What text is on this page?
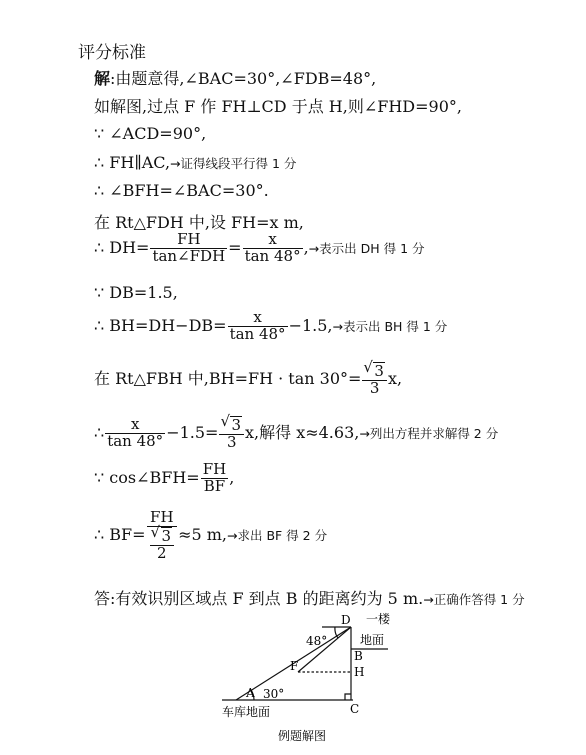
评分标准
解:由题意得,∠BAC=30°,∠FDB=48°,
如解图,过点 F 作 FH⊥CD 于点 H,则∠FHD=90°,
∵ ∠ACD=90°,
∴ FH∥AC,→证得线段平行得 1 分
∴ ∠BFH=∠BAC=30°.
在 Rt△FDH 中,设 FH=x m,
∴ $DH= \frac{FH}{\text{tan∠FDH}} = \frac{x}{\tan 48^\circ}$ ,→表示出 DH 得 1 分
∵ DB=1.5,
∴ $BH=DH-DB= \frac{x}{\tan 48^\circ} -1.5,\to$表示出 BH 得 1 分
在 Rt△FBH 中,BH=FH · tan 30°= √ $\frac{3}{3} x$,
∴ $\frac{x}{\tan 48^\circ} -1.5=$ √ $\frac{3}{3} x$,解得 x≈4.63,→列出方程并求解得 2 分
∵ cos∠BFH= $\frac{FH}{BF}$ ,
∴ BF= FH
√ $\frac{3}{2} \approx 5$ m,→求出 BF 得 2 分
答:有效识别区域点 F 到点 B 的距离约为 5 m.→正确作答得 1 分
D 一楼
地面
48°
B
H
F
A 30°
C
车库地面
例题解图
